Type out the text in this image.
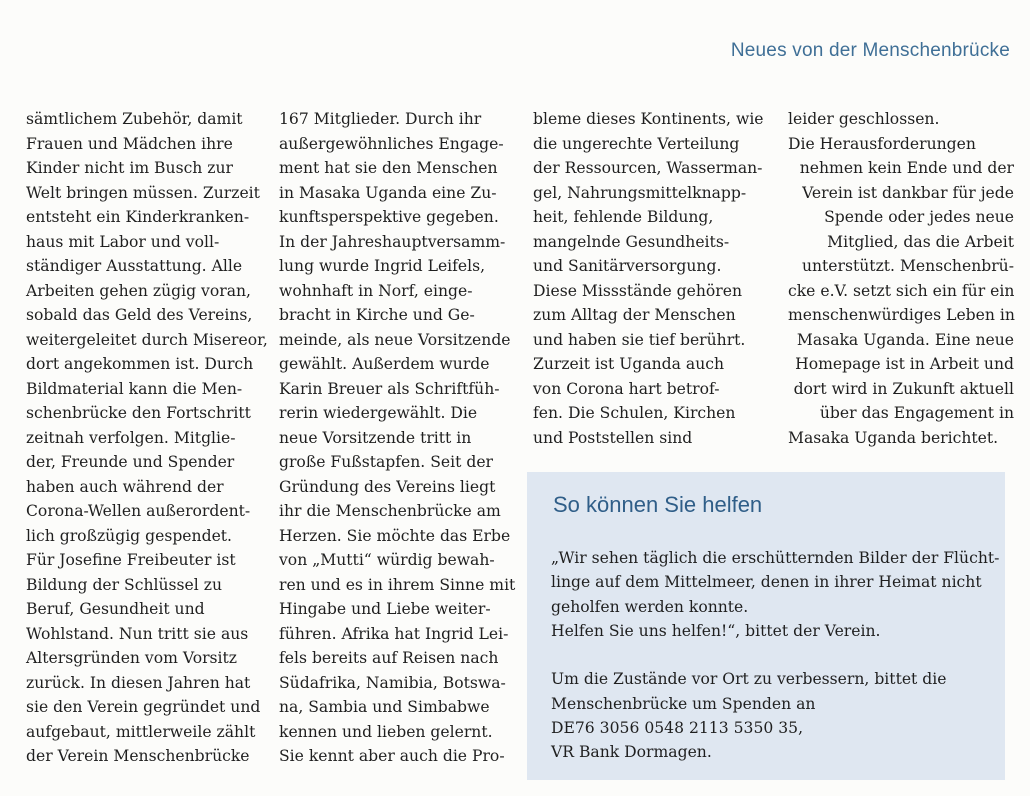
Neues von der Menschenbrücke
sämtlichem Zubehör, damit
Frauen und Mädchen ihre
Kinder nicht im Busch zur
Welt bringen müssen. Zurzeit
entsteht ein Kinderkranken-
haus mit Labor und voll-
ständiger Ausstattung. Alle
Arbeiten gehen zügig voran,
sobald das Geld des Vereins,
weitergeleitet durch Misereor,
dort angekommen ist. Durch
Bildmaterial kann die Men-
schenbrücke den Fortschritt
zeitnah verfolgen. Mitglie-
der, Freunde und Spender
haben auch während der
Corona-Wellen außerordent-
lich großzügig gespendet.
Für Josefine Freibeuter ist
Bildung der Schlüssel zu
Beruf, Gesundheit und
Wohlstand. Nun tritt sie aus
Altersgründen vom Vorsitz
zurück. In diesen Jahren hat
sie den Verein gegründet und
aufgebaut, mittlerweile zählt
der Verein Menschenbrücke
167 Mitglieder. Durch ihr
außergewöhnliches Engage-
ment hat sie den Menschen
in Masaka Uganda eine Zu-
kunftsperspektive gegeben.
In der Jahreshauptversamm-
lung wurde Ingrid Leifels,
wohnhaft in Norf, einge-
bracht in Kirche und Ge-
meinde, als neue Vorsitzende
gewählt. Außerdem wurde
Karin Breuer als Schriftfüh-
rerin wiedergewählt. Die
neue Vorsitzende tritt in
große Fußstapfen. Seit der
Gründung des Vereins liegt
ihr die Menschenbrücke am
Herzen. Sie möchte das Erbe
von „Mutti“ würdig bewah-
ren und es in ihrem Sinne mit
Hingabe und Liebe weiter-
führen. Afrika hat Ingrid Lei-
fels bereits auf Reisen nach
Südafrika, Namibia, Botswa-
na, Sambia und Simbabwe
kennen und lieben gelernt.
Sie kennt aber auch die Pro-
bleme dieses Kontinents, wie
die ungerechte Verteilung
der Ressourcen, Wasserman-
gel, Nahrungsmittelknapp-
heit, fehlende Bildung,
mangelnde Gesundheits-
und Sanitärversorgung.
Diese Missstände gehören
zum Alltag der Menschen
und haben sie tief berührt.
Zurzeit ist Uganda auch
von Corona hart betrof-
fen. Die Schulen, Kirchen
und Poststellen sind
leider geschlossen.
Die Herausforderungen
nehmen kein Ende und der
Verein ist dankbar für jede
Spende oder jedes neue
Mitglied, das die Arbeit
unterstützt. Menschenbrü-
cke e.V. setzt sich ein für ein
menschenwürdiges Leben in
Masaka Uganda. Eine neue
Homepage ist in Arbeit und
dort wird in Zukunft aktuell
über das Engagement in
Masaka Uganda berichtet.
So können Sie helfen
„Wir sehen täglich die erschütternden Bilder der Flücht-
linge auf dem Mittelmeer, denen in ihrer Heimat nicht
geholfen werden konnte.
Helfen Sie uns helfen!“, bittet der Verein.
Um die Zustände vor Ort zu verbessern, bittet die
Menschenbrücke um Spenden an
DE76 3056 0548 2113 5350 35,
VR Bank Dormagen.
